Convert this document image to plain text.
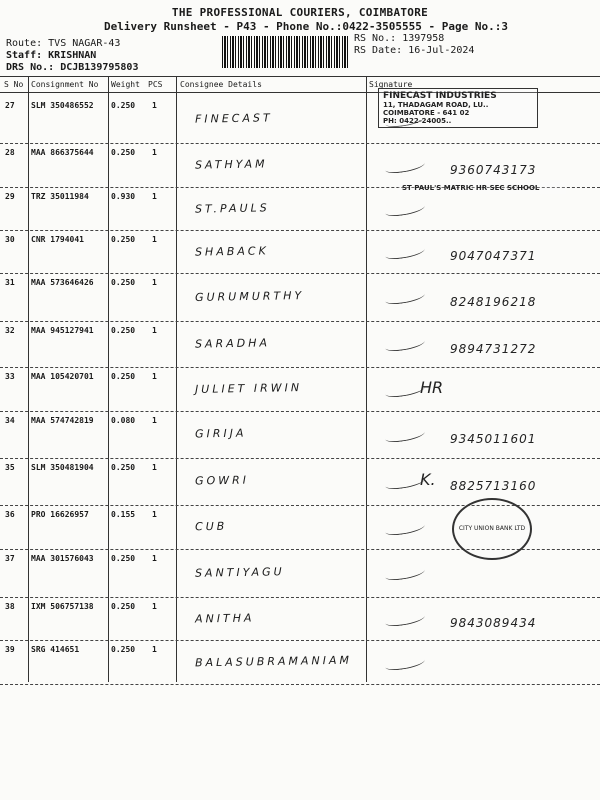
THE PROFESSIONAL COURIERS, COIMBATORE
Delivery Runsheet - P43 - Phone No.:0422-3505555 - Page No.:3
Route: TVS NAGAR-43
Staff: KRISHNAN
DRS No.: DCJB139795803
RS No.: 1397958
RS Date: 16-Jul-2024
S No Consignment No Weight PCS Consignee Details	Signature
27 SLM 350486552 0.250 1
FINECAST
28 MAA 866375644 0.250 1
SATHYAM	9360743173
29 TRZ 35011984	0.930 1
ST.PAULS
30 CNR 1794041	0.250 1
SHABACK	9047047371
31 MAA 573646426 0.250 1
GURUMURTHY	8248196218
32 MAA 945127941 0.250 1
SARADHA	9894731272
33 MAA 105420701 0.250 1
JULIET IRWIN	HR
34 MAA 574742819 0.080 1
GIRIJA	9345011601
35 SLM 350481904 0.250 1
GOWRI	K. 8825713160
36 PRO 16626957	0.155 1
CUB
37 MAA 301576043 0.250 1
SANTIYAGU
38 IXM 506757138 0.250 1
ANITHA	9843089434
39 SRG 414651	0.250 1
BALASUBRAMANIAM
FINECAST INDUSTRIES
11, THADAGAM ROAD, LU..
COIMBATORE - 641 02
PH: 0422-24005..
ST PAUL'S MATRIC HR SEC SCHOOL
CITY UNION BANK LTD
